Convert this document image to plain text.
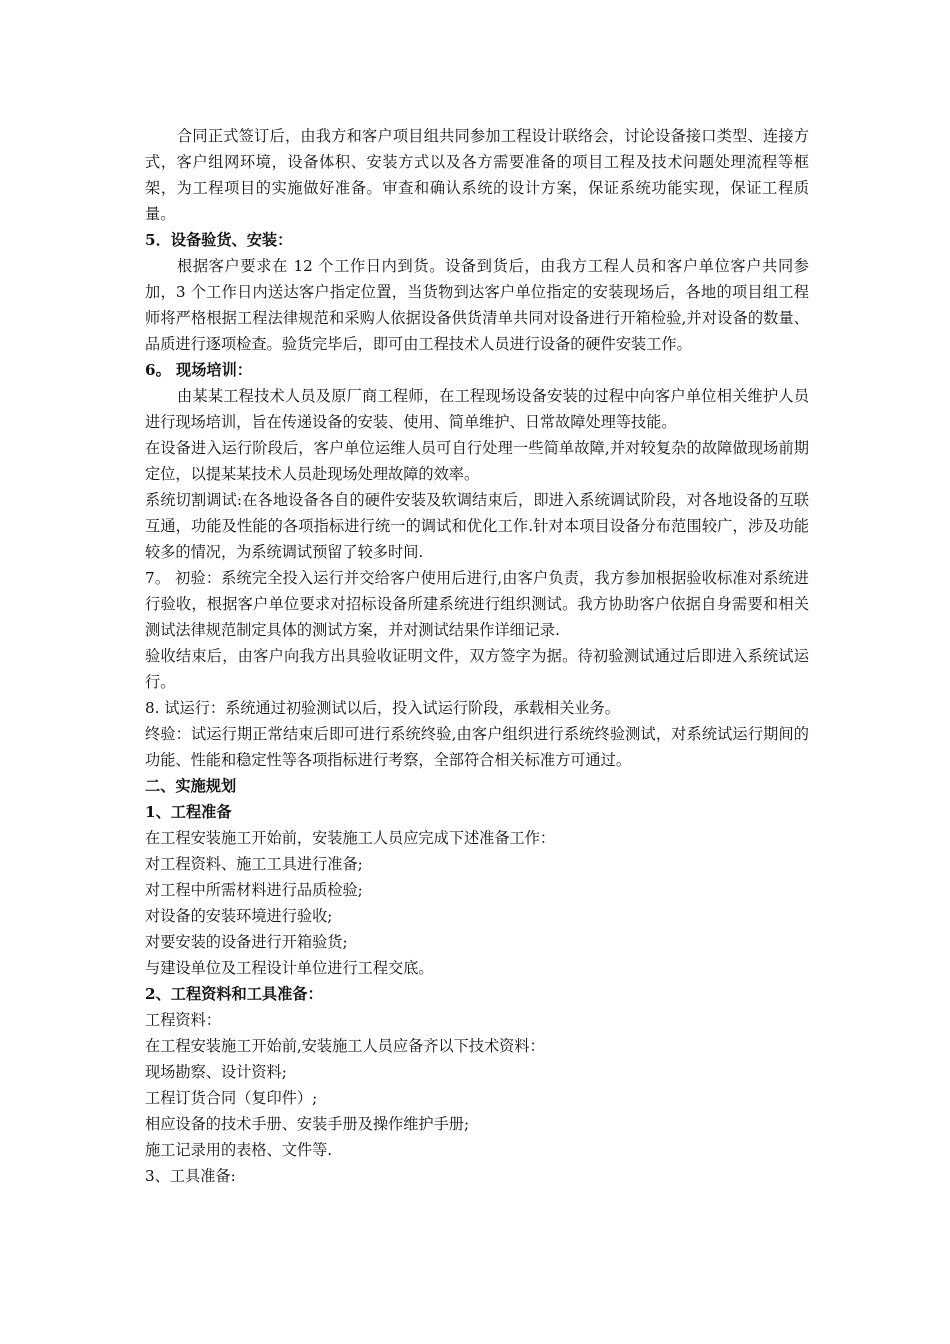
合同正式签订后，由我方和客户项目组共同参加工程设计联络会，讨论设备接口类型、连接方式，客户组网环境，设备体积、安装方式以及各方需要准备的项目工程及技术问题处理流程等框架，为工程项目的实施做好准备。审查和确认系统的设计方案，保证系统功能实现，保证工程质量。

5．设备验货、安装：

根据客户要求在 12 个工作日内到货。设备到货后，由我方工程人员和客户单位客户共同参加，3 个工作日内送达客户指定位置，当货物到达客户单位指定的安装现场后，各地的项目组工程师将严格根据工程法律规范和采购人依据设备供货清单共同对设备进行开箱检验,并对设备的数量、品质进行逐项检查。验货完毕后，即可由工程技术人员进行设备的硬件安装工作。

6。 现场培训：

由某某工程技术人员及原厂商工程师，在工程现场设备安装的过程中向客户单位相关维护人员进行现场培训，旨在传递设备的安装、使用、简单维护、日常故障处理等技能。

在设备进入运行阶段后，客户单位运维人员可自行处理一些简单故障,并对较复杂的故障做现场前期定位，以提某某技术人员赴现场处理故障的效率。

系统切割调试:在各地设备各自的硬件安装及软调结束后，即进入系统调试阶段，对各地设备的互联互通，功能及性能的各项指标进行统一的调试和优化工作.针对本项目设备分布范围较广，涉及功能较多的情况，为系统调试预留了较多时间.

7。 初验：系统完全投入运行并交给客户使用后进行,由客户负责，我方参加根据验收标准对系统进行验收，根据客户单位要求对招标设备所建系统进行组织测试。我方协助客户依据自身需要和相关测试法律规范制定具体的测试方案，并对测试结果作详细记录.

验收结束后，由客户向我方出具验收证明文件，双方签字为据。待初验测试通过后即进入系统试运行。

8. 试运行：系统通过初验测试以后，投入试运行阶段，承载相关业务。

终验：试运行期正常结束后即可进行系统终验,由客户组织进行系统终验测试，对系统试运行期间的功能、性能和稳定性等各项指标进行考察，全部符合相关标准方可通过。

二、实施规划

1、工程准备

在工程安装施工开始前，安装施工人员应完成下述准备工作：

对工程资料、施工工具进行准备;

对工程中所需材料进行品质检验;

对设备的安装环境进行验收;

对要安装的设备进行开箱验货;

与建设单位及工程设计单位进行工程交底。

2、工程资料和工具准备：

工程资料：

在工程安装施工开始前,安装施工人员应备齐以下技术资料：

现场勘察、设计资料;

工程订货合同（复印件）;

相应设备的技术手册、安装手册及操作维护手册;

施工记录用的表格、文件等.

3、工具准备:
